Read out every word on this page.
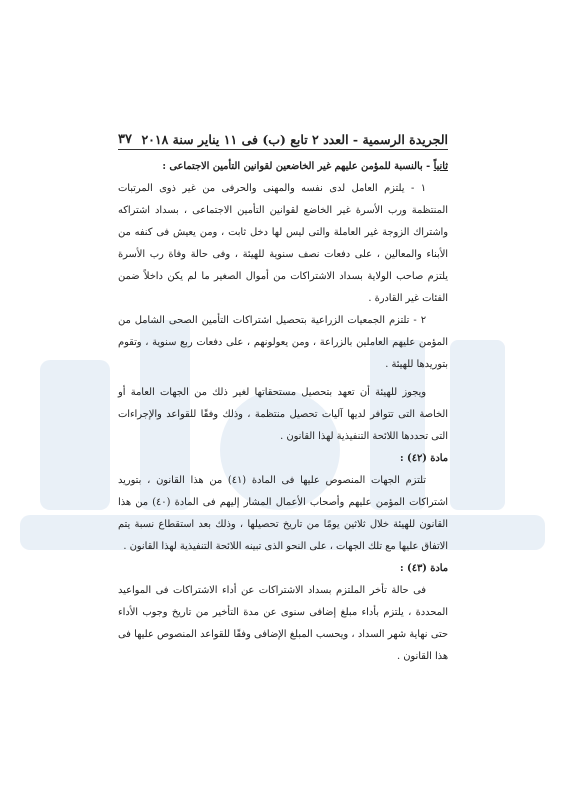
الجريدة الرسمية - العدد ٢ تابع (ب) فى ١١ يناير سنة ٢٠١٨
٣٧

ثانياً - بالنسبة للمؤمن عليهم غير الخاضعين لقوانين التأمين الاجتماعى :

١ - يلتزم العامل لدى نفسه والمهنى والحرفى من غير ذوى المرتبات المنتظمة ورب الأسرة غير الخاضع لقوانين التأمين الاجتماعى ، بسداد اشتراكه واشتراك الزوجة غير العاملة والتى ليس لها دخل ثابت ، ومن يعيش فى كنفه من الأبناء والمعالين ، على دفعات نصف سنوية للهيئة ، وفى حالة وفاة رب الأسرة يلتزم صاحب الولاية بسداد الاشتراكات من أموال الصغير ما لم يكن داخلاً ضمن الفئات غير القادرة .

٢ - تلتزم الجمعيات الزراعية بتحصيل اشتراكات التأمين الصحى الشامل من المؤمن عليهم العاملين بالزراعة ، ومن يعولونهم ، على دفعات ربع سنوية ، وتقوم بتوريدها للهيئة .

ويجوز للهيئة أن تعهد بتحصيل مستحقاتها لغير ذلك من الجهات العامة أو الخاصة التى تتوافر لديها آليات تحصيل منتظمة ، وذلك وفقًا للقواعد والإجراءات التى تحددها اللائحة التنفيذية لهذا القانون .

مادة (٤٢) :

تلتزم الجهات المنصوص عليها فى المادة (٤١) من هذا القانون ، بتوريد اشتراكات المؤمن عليهم وأصحاب الأعمال المشار إليهم فى المادة (٤٠) من هذا القانون للهيئة خلال ثلاثين يومًا من تاريخ تحصيلها ، وذلك بعد استقطاع نسبة يتم الاتفاق عليها مع تلك الجهات ، على النحو الذى تبينه اللائحة التنفيذية لهذا القانون .

مادة (٤٣) :

فى حالة تأخر الملتزم بسداد الاشتراكات عن أداء الاشتراكات فى المواعيد المحددة ، يلتزم بأداء مبلغ إضافى سنوى عن مدة التأخير من تاريخ وجوب الأداء حتى نهاية شهر السداد ، ويحسب المبلغ الإضافى وفقًا للقواعد المنصوص عليها فى هذا القانون .
